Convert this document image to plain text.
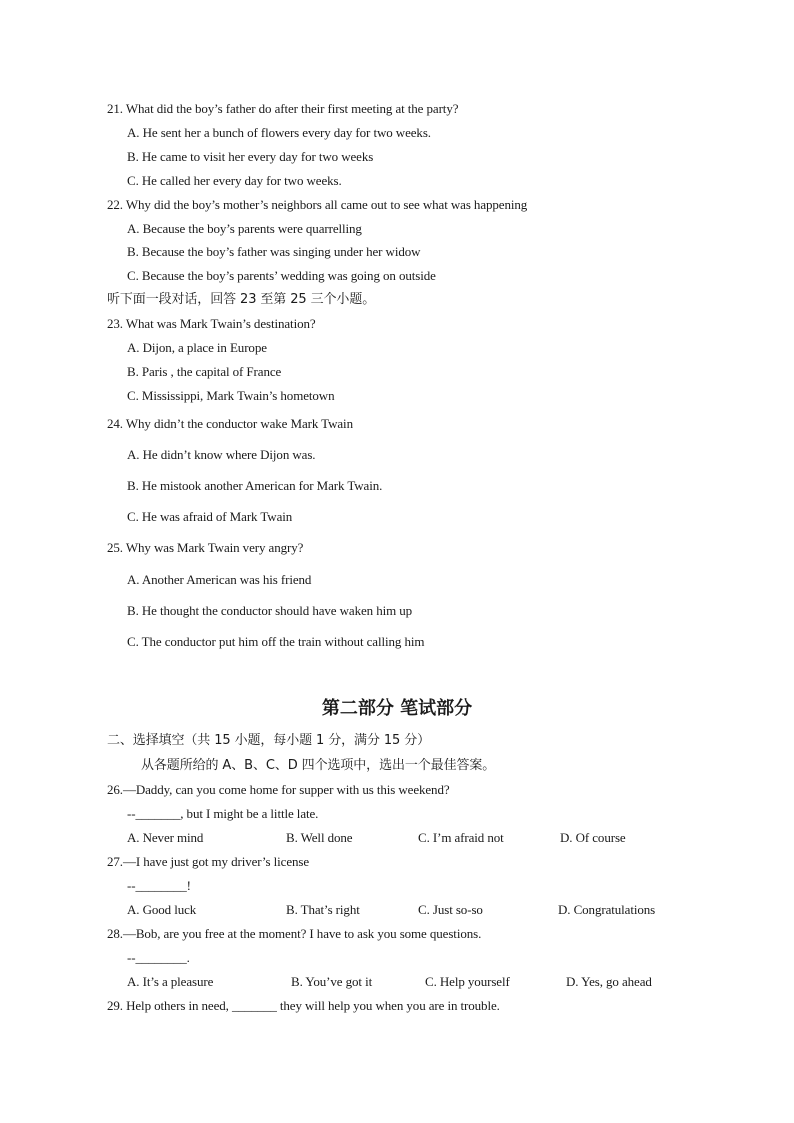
21. What did the boy’s father do after their first meeting at the party?
A. He sent her a bunch of flowers every day for two weeks.
B. He came to visit her every day for two weeks
C. He called her every day for two weeks.
22. Why did the boy’s mother’s neighbors all came out to see what was happening
A. Because the boy’s parents were quarrelling
B. Because the boy’s father was singing under her widow
C. Because the boy’s parents’ wedding was going on outside
听下面一段对话，回答 23 至第 25 三个小题。
23. What was Mark Twain’s destination?
A. Dijon, a place in Europe
B. Paris , the capital of France
C. Mississippi, Mark Twain’s hometown
24. Why didn’t the conductor wake Mark Twain
A. He didn’t know where Dijon was.
B. He mistook another American for Mark Twain.
C. He was afraid of Mark Twain
25. Why was Mark Twain very angry?
A. Another American was his friend
B. He thought the conductor should have waken him up
C. The conductor put him off the train without calling him
第二部分 笔试部分
二、选择填空（共 15 小题，每小题 1 分，满分 15 分）
从各题所给的 A、B、C、D 四个选项中，选出一个最佳答案。
26.—Daddy, can you come home for supper with us this weekend?
--_______, but I might be a little late.
A. Never mind	B. Well done	C. I’m afraid not	D. Of course
27.—I have just got my driver’s license
--________!
A. Good luck	B. That’s right	C. Just so-so	D. Congratulations
28.—Bob, are you free at the moment? I have to ask you some questions.
--________.
A. It’s a pleasure	B. You’ve got it	C. Help yourself	D. Yes, go ahead
29. Help others in need, _______ they will help you when you are in trouble.
